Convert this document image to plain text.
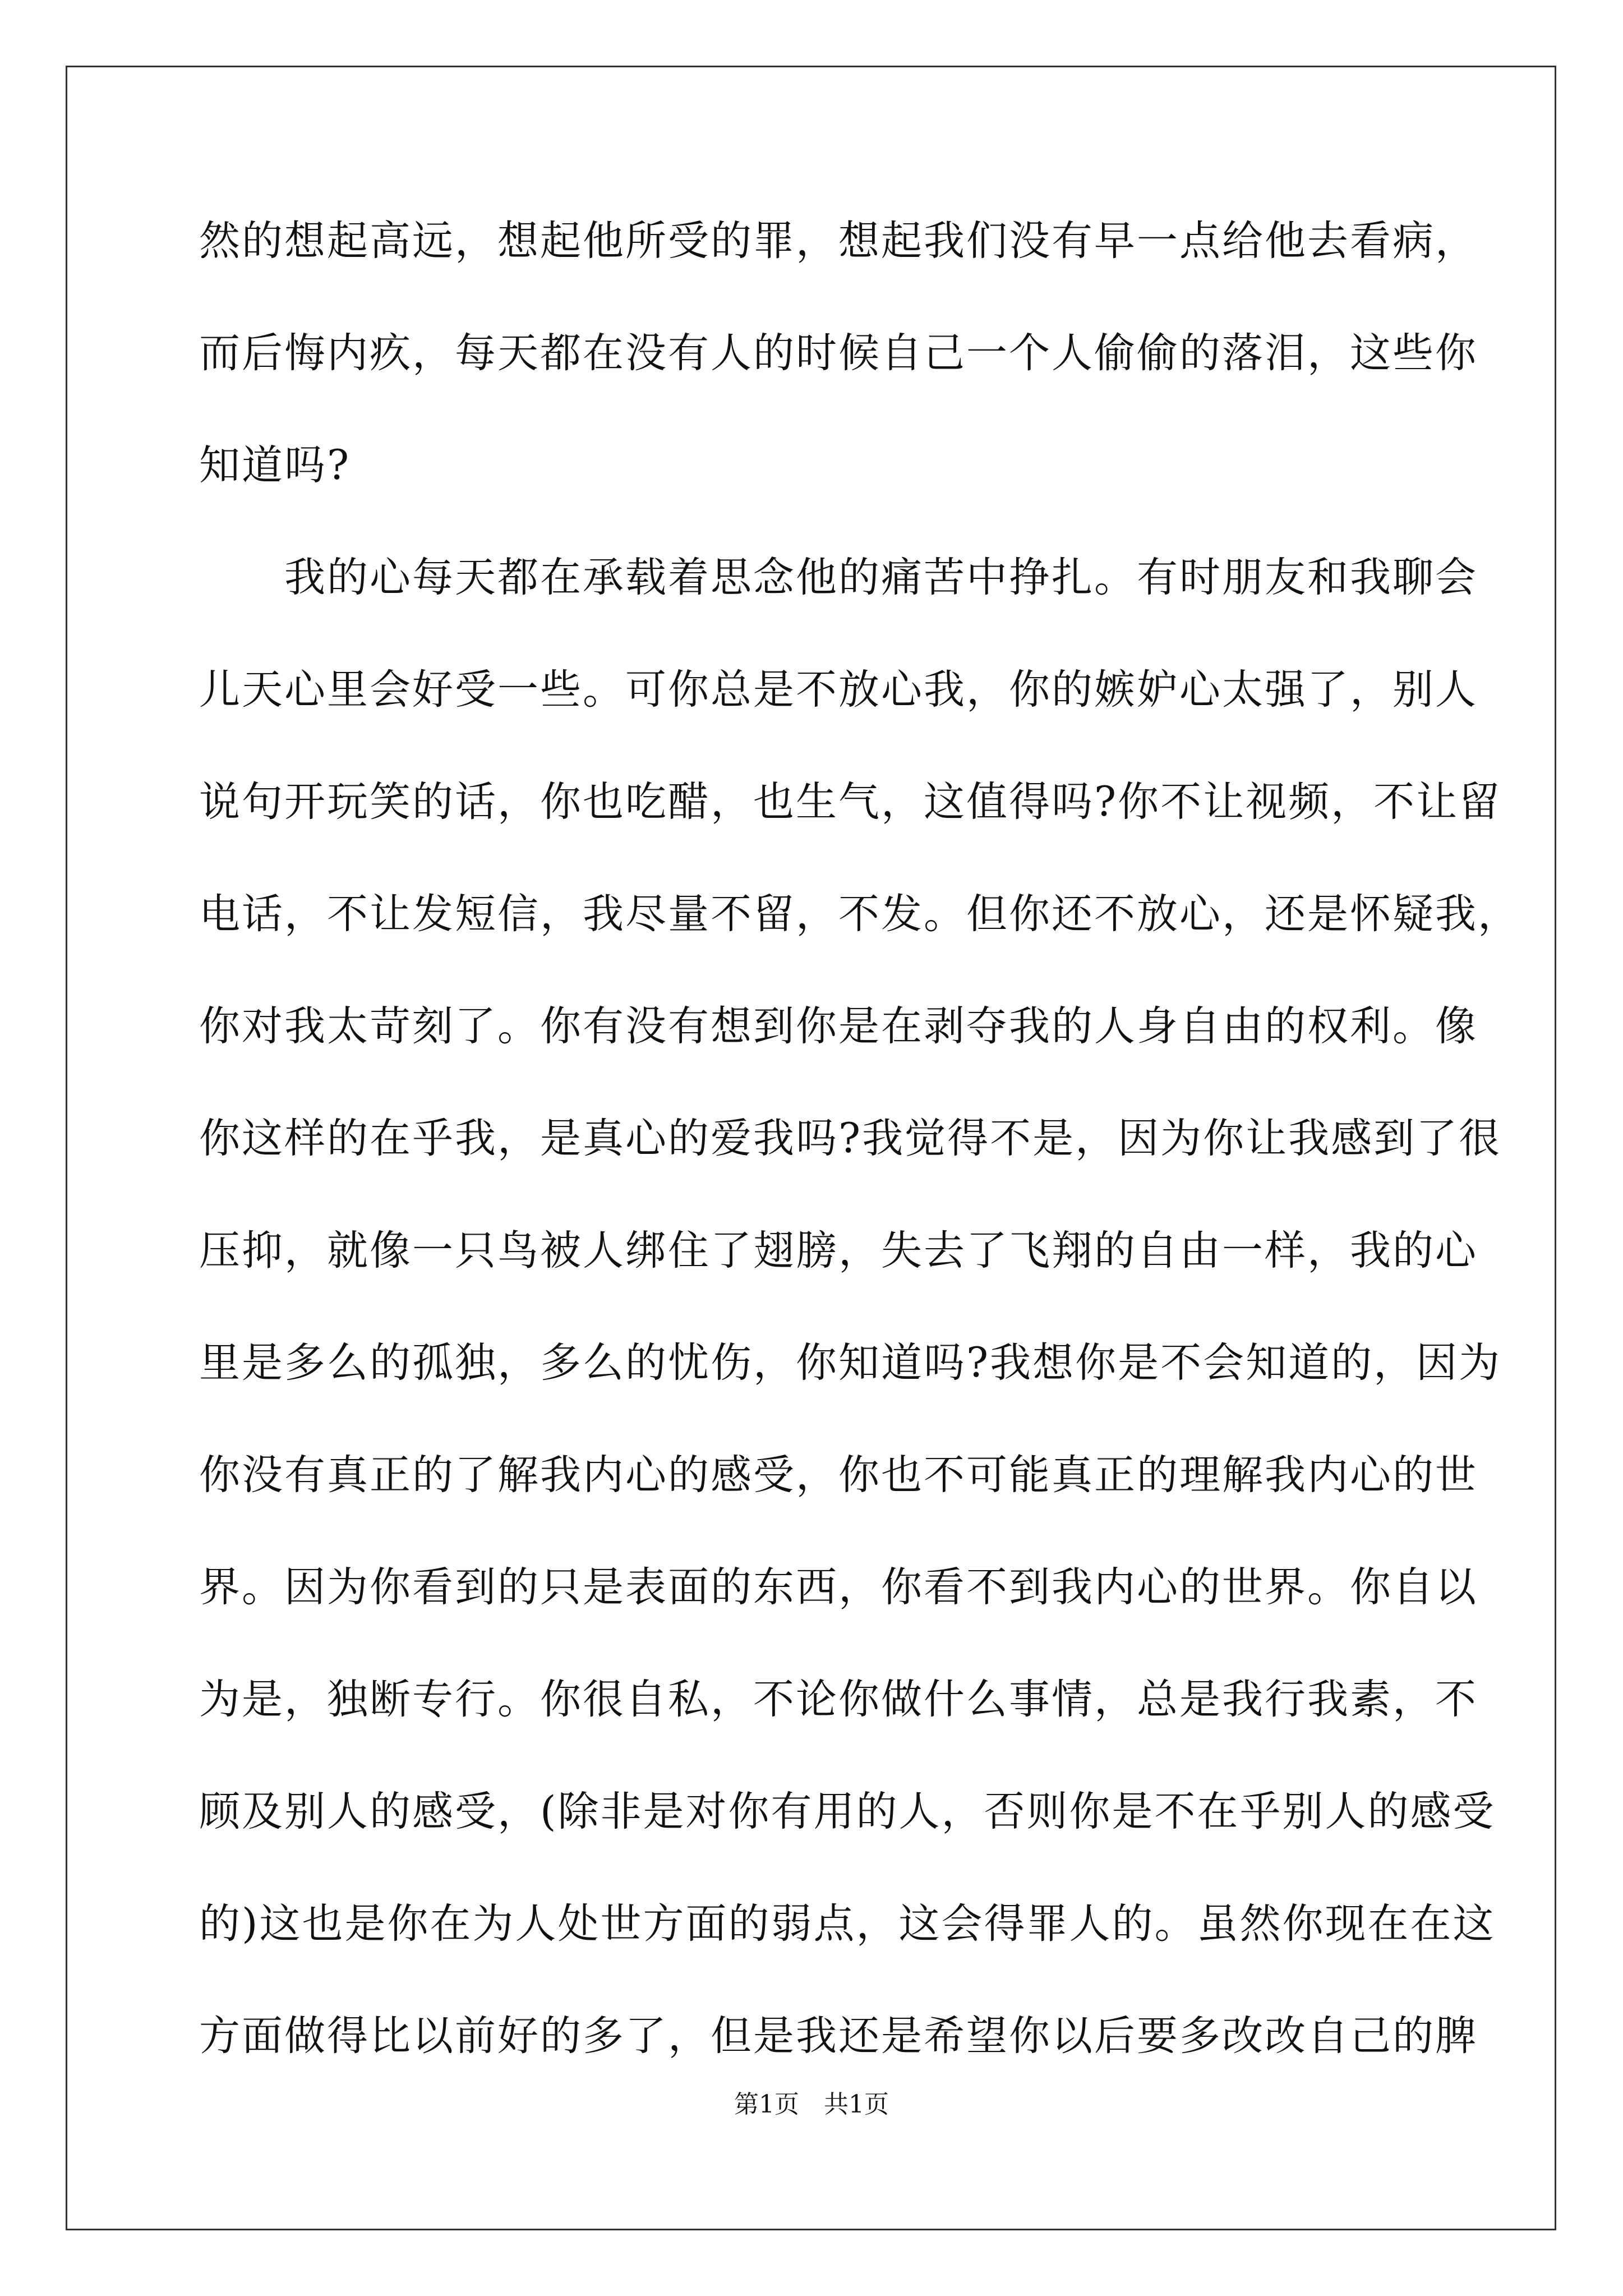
然的想起高远，想起他所受的罪，想起我们没有早一点给他去看病，
而后悔内疚，每天都在没有人的时候自己一个人偷偷的落泪，这些你
知道吗?
　　我的心每天都在承载着思念他的痛苦中挣扎。有时朋友和我聊会
儿天心里会好受一些。可你总是不放心我，你的嫉妒心太强了，别人
说句开玩笑的话，你也吃醋，也生气，这值得吗?你不让视频，不让留
电话，不让发短信，我尽量不留，不发。但你还不放心，还是怀疑我，
你对我太苛刻了。你有没有想到你是在剥夺我的人身自由的权利。像
你这样的在乎我，是真心的爱我吗?我觉得不是，因为你让我感到了很
压抑，就像一只鸟被人绑住了翅膀，失去了飞翔的自由一样，我的心
里是多么的孤独，多么的忧伤，你知道吗?我想你是不会知道的，因为
你没有真正的了解我内心的感受，你也不可能真正的理解我内心的世
界。因为你看到的只是表面的东西，你看不到我内心的世界。你自以
为是，独断专行。你很自私，不论你做什么事情，总是我行我素，不
顾及别人的感受，(除非是对你有用的人，否则你是不在乎别人的感受
的)这也是你在为人处世方面的弱点，这会得罪人的。虽然你现在在这
方面做得比以前好的多了，但是我还是希望你以后要多改改自己的脾
第1页　共1页
